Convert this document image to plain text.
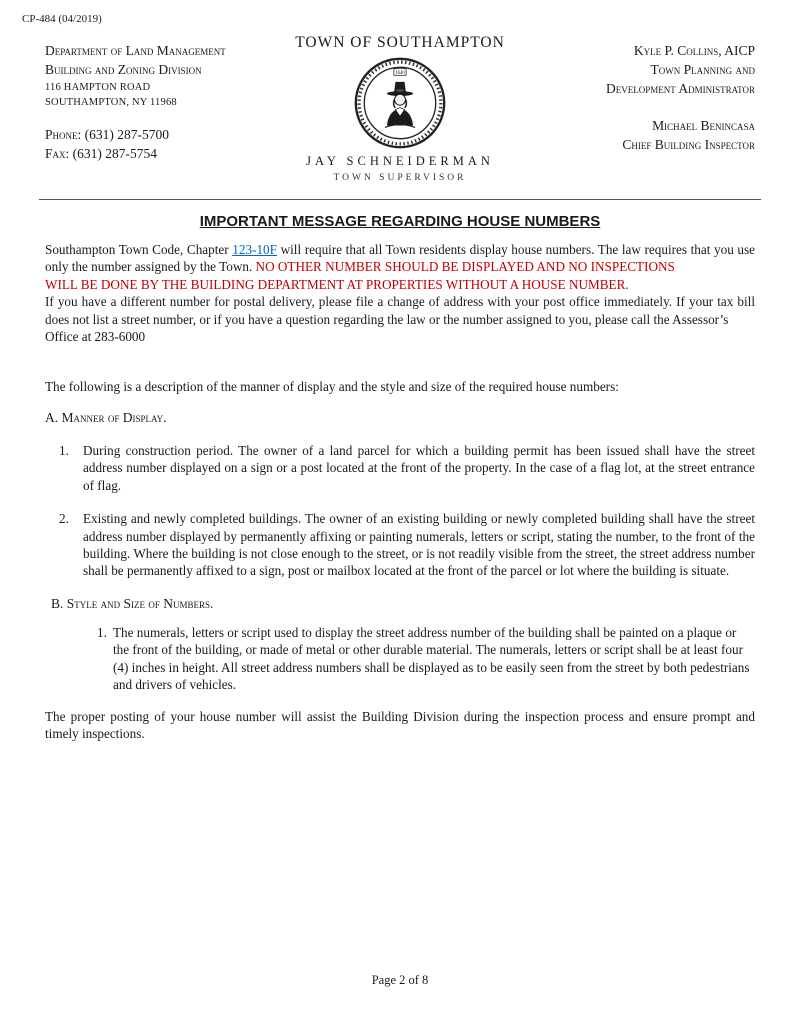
CP-484 (04/2019)
Department of Land Management
Building and Zoning Division
116 HAMPTON ROAD
SOUTHAMPTON, NY 11968
Phone: (631) 287-5700
Fax: (631) 287-5754
TOWN OF SOUTHAMPTON
1640
JAY SCHNEIDERMAN
TOWN SUPERVISOR
Kyle P. Collins, AICP
Town Planning and
Development Administrator
Michael Benincasa
Chief Building Inspector
IMPORTANT MESSAGE REGARDING HOUSE NUMBERS

Southampton Town Code, Chapter 123-10F will require that all Town residents display house numbers. The law requires that you use only the number assigned by the Town. NO OTHER NUMBER SHOULD BE DISPLAYED AND NO INSPECTIONS
WILL BE DONE BY THE BUILDING DEPARTMENT AT PROPERTIES WITHOUT A HOUSE NUMBER.
If you have a different number for postal delivery, please file a change of address with your post office immediately. If your tax bill does not list a street number, or if you have a question regarding the law or the number assigned to you, please call the Assessor’s
Office at 283-6000

The following is a description of the manner of display and the style and size of the required house numbers:

A. Manner of Display.
1.	During construction period. The owner of a land parcel for which a building permit has been issued shall have the street address number displayed on a sign or a post located at the front of the property. In the case of a flag lot, at the street entrance of flag.
2.	Existing and newly completed buildings. The owner of an existing building or newly completed building shall have the street address number displayed by permanently affixing or painting numerals, letters or script, stating the number, to the front of the building. Where the building is not close enough to the street, or is not readily visible from the street, the street address number shall be permanently affixed to a sign, post or mailbox located at the front of the parcel or lot where the building is situate.
B. Style and Size of Numbers.
1. The numerals, letters or script used to display the street address number of the building shall be painted on a plaque or the front of the building, or made of metal or other durable material. The numerals, letters or script shall be at least four (4) inches in height. All street address numbers shall be displayed as to be easily seen from the street by both pedestrians and drivers of vehicles.

The proper posting of your house number will assist the Building Division during the inspection process and ensure prompt and timely inspections.

Page 2 of 8
